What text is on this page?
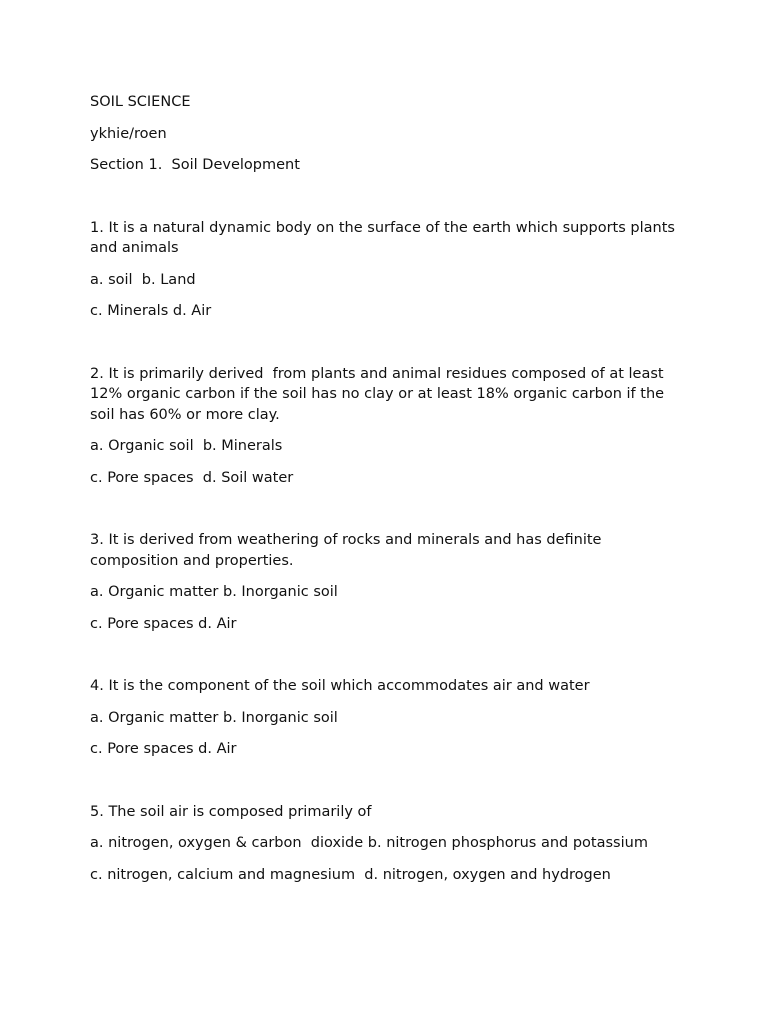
SOIL SCIENCE

ykhie/roen

Section 1.  Soil Development

1. It is a natural dynamic body on the surface of the earth which supports plants and animals

a. soil  b. Land

c. Minerals d. Air

2. It is primarily derived  from plants and animal residues composed of at least 12% organic carbon if the soil has no clay or at least 18% organic carbon if the soil has 60% or more clay.

a. Organic soil  b. Minerals

c. Pore spaces  d. Soil water

3. It is derived from weathering of rocks and minerals and has definite composition and properties.

a. Organic matter b. Inorganic soil

c. Pore spaces d. Air

4. It is the component of the soil which accommodates air and water

a. Organic matter b. Inorganic soil

c. Pore spaces d. Air

5. The soil air is composed primarily of

a. nitrogen, oxygen & carbon  dioxide b. nitrogen phosphorus and potassium

c. nitrogen, calcium and magnesium  d. nitrogen, oxygen and hydrogen
